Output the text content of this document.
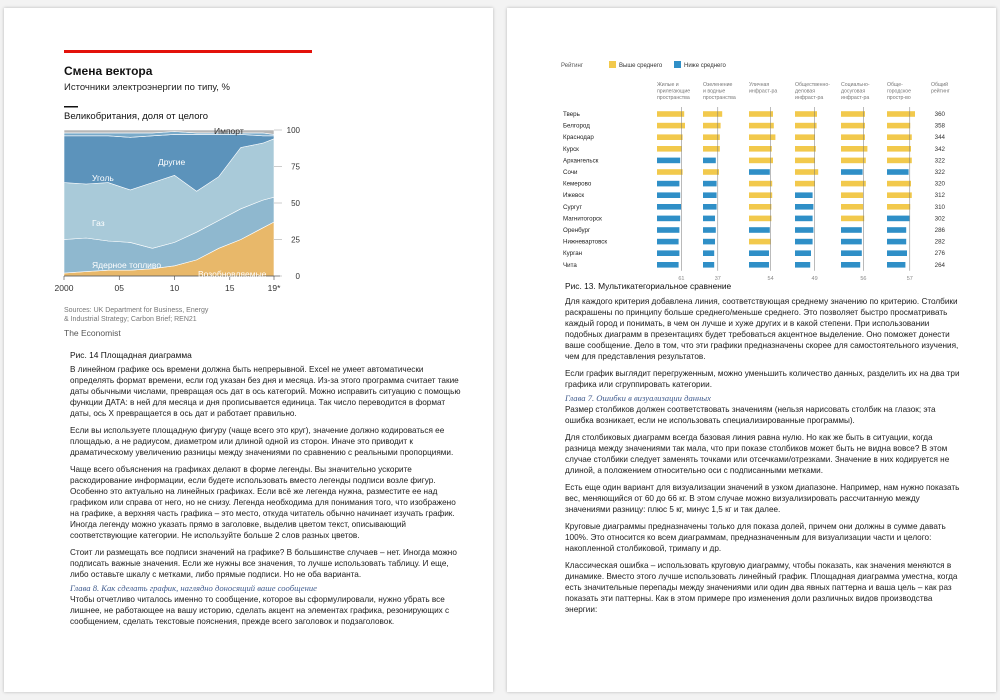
Смена вектора
Источники электроэнергии по типу, %
Великобритания, доля от целого
100
75
50
25
0
2000	05	10	15	19*
Импорт
Другие
Уголь
Газ
Ядерное топливо
Возобновляемые
Sources: UK Department for Business, Energy
& Industrial Strategy; Carbon Brief; REN21
The Economist
Рис. 14 Площадная диаграмма

В линейном графике ось времени должна быть непрерывной. Excel не умеет автоматически определять формат времени, если год указан без дня и месяца. Из-за этого программа считает такие даты обычными числами, превращая ось дат в ось категорий. Можно исправить ситуацию с помощью функции ДАТА: в ней для месяца и дня прописывается единица. Так число переводится в формат даты, ось Х превращается в ось дат и работает правильно.

Если вы используете площадную фигуру (чаще всего это круг), значение должно кодироваться ее площадью, а не радиусом, диаметром или длиной одной из сторон. Иначе это приводит к драматическому увеличению разницы между значениями по сравнению с реальными пропорциями.

Чаще всего объяснения на графиках делают в форме легенды. Вы значительно ускорите раскодирование информации, если будете использовать вместо легенды подписи возле фигур. Особенно это актуально на линейных графиках. Если всё же легенда нужна, разместите ее над графиком или справа от него, но не снизу. Легенда необходима для понимания того, что изображено на графике, а верхняя часть графика – это место, откуда читатель обычно начинает изучать график. Иногда легенду можно указать прямо в заголовке, выделив цветом текст, описывающий соответствующие категории. Не используйте больше 2 слов разных цветов.

Стоит ли размещать все подписи значений на графике? В большинстве случаев – нет. Иногда можно подписать важные значения. Если же нужны все значения, то лучше использовать таблицу. И еще, либо оставьте шкалу с метками, либо прямые подписи. Но не оба варианта.

Глава 8. Как сделать график, наглядно доносящий ваше сообщение

Чтобы отчетливо читалось именно то сообщение, которое вы сформулировали, нужно убрать все лишнее, не работающее на вашу историю, сделать акцент на элементах графика, резонирующих с сообщением, сделать текстовые пояснения, прежде всего заголовок и подзаголовок.

Рейтинг	Выше среднего	Ниже среднего
Жилые и прилегающие пространства
Озеленение и водные пространства
Уличная инфраст-ра
Общественно-деловая инфраст-ра
Социально-досуговая инфраст-ра
Обще-городское простр-во
Общий рейтинг
Тверь	360
Белгород	358
Краснодар	344
Курск	342
Архангельск	322
Сочи	322
Кемерово	320
Ижевск	312
Сургут	310
Магнитогорск	302
Оренбург	286
Нижневартовск	282
Курган	276
Чита	264
61	37	54	49	56	57
Рис. 13. Мультикатегориальное сравнение

Для каждого критерия добавлена линия, соответствующая среднему значению по критерию. Столбики раскрашены по принципу больше среднего/меньше среднего. Это позволяет быстро просматривать каждый город и понимать, в чем он лучше и хуже других и в какой степени. При использовании подобных диаграмм в презентациях будет требоваться акцентное выделение. Оно поможет донести ваше сообщение. Дело в том, что эти графики предназначены скорее для самостоятельного изучения, чем для представления результатов.

Если график выглядит перегруженным, можно уменьшить количество данных, разделить их на два три графика или сгруппировать категории.

Глава 7. Ошибки в визуализации данных

Размер столбиков должен соответствовать значениям (нельзя нарисовать столбик на глазок; эта ошибка возникает, если не использовать специализированные программы).

Для столбиковых диаграмм всегда базовая линия равна нулю. Но как же быть в ситуации, когда разница между значениями так мала, что при показе столбиков может быть не видна вовсе? В этом случае столбики следует заменять точками или отсечками/отрезками. Значение в них кодируется не длиной, а положением относительно оси с подписанными метками.

Есть еще один вариант для визуализации значений в узком диапазоне. Например, нам нужно показать вес, меняющийся от 60 до 66 кг. В этом случае можно визуализировать рассчитанную между значениями разницу: плюс 5 кг, минус 1,5 кг и так далее.

Круговые диаграммы предназначены только для показа долей, причем они должны в сумме давать 100%. Это относится ко всем диаграммам, предназначенным для визуализации части и целого: накопленной столбиковой, тримапу и др.

Классическая ошибка – использовать круговую диаграмму, чтобы показать, как значения меняются в динамике. Вместо этого лучше использовать линейный график. Площадная диаграмма уместна, когда есть значительные перепады между значениями или один два явных паттерна и ваша цель – как раз показать эти паттерны. Как в этом примере про изменения доли различных видов производства энергии:
